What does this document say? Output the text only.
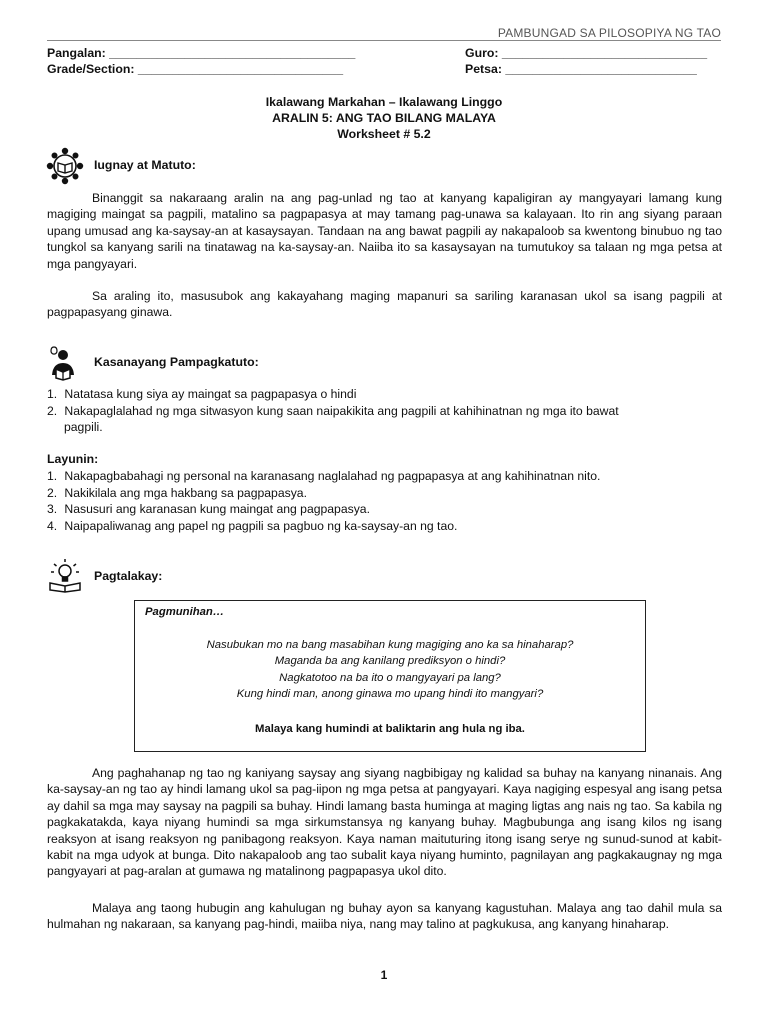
PAMBUNGAD SA PILOSOPIYA NG TAO
Pangalan: ____________________________________	Guro: ______________________________
Grade/Section: ______________________________	Petsa: ____________________________
Ikalawang Markahan – Ikalawang Linggo
ARALIN 5: ANG TAO BILANG MALAYA
Worksheet # 5.2
Iugnay at Matuto:
Binanggit sa nakaraang aralin na ang pag-unlad ng tao at kanyang kapaligiran ay mangyayari lamang kung magiging maingat sa pagpili, matalino sa pagpapasya at may tamang pag-unawa sa kalayaan. Ito rin ang siyang paraan upang umusad ang ka-saysay-an at kasaysayan. Tandaan na ang bawat pagpili ay nakapaloob sa kwentong binubuo ng tao tungkol sa kanyang sarili na tinatawag na ka-saysay-an. Naiiba ito sa kasaysayan na tumutukoy sa talaan ng mga petsa at mga pangyayari.
Sa araling ito, masusubok ang kakayahang maging mapanuri sa sariling karanasan ukol sa isang pagpili at pagpapasyang ginawa.
Kasanayang Pampagkatuto:
1. Natatasa kung siya ay maingat sa pagpapasya o hindi
2. Nakapaglalahad ng mga sitwasyon kung saan naipakikita ang pagpili at kahihinatnan ng mga ito bawat
pagpili.
Layunin:
1. Nakapagbabahagi ng personal na karanasang naglalahad ng pagpapasya at ang kahihinatnan nito.
2. Nakikilala ang mga hakbang sa pagpapasya.
3. Nasusuri ang karanasan kung maingat ang pagpapasya.
4. Naipapaliwanag ang papel ng pagpili sa pagbuo ng ka-saysay-an ng tao.
Pagtalakay:
Pagmunihan…
Nasubukan mo na bang masabihan kung magiging ano ka sa hinaharap?
Maganda ba ang kanilang prediksyon o hindi?
Nagkatotoo na ba ito o mangyayari pa lang?
Kung hindi man, anong ginawa mo upang hindi ito mangyari?
Malaya kang humindi at baliktarin ang hula ng iba.
Ang paghahanap ng tao ng kaniyang saysay ang siyang nagbibigay ng kalidad sa buhay na kanyang ninanais. Ang ka-saysay-an ng tao ay hindi lamang ukol sa pag-iipon ng mga petsa at pangyayari. Kaya nagiging espesyal ang isang petsa ay dahil sa mga may saysay na pagpili sa buhay. Hindi lamang basta huminga at maging ligtas ang nais ng tao. Sa kabila ng pagkakatakda, kaya niyang humindi sa mga sirkumstansya ng kanyang buhay. Magbubunga ang isang kilos ng isang reaksyon at isang reaksyon ng panibagong reaksyon. Kaya naman maituturing itong isang serye ng sunud-sunod at kabit-kabit na mga udyok at bunga. Dito nakapaloob ang tao subalit kaya niyang huminto, pagnilayan ang pagkakaugnay ng mga pangyayari at pag-aralan at gumawa ng matalinong pagpapasya ukol dito.
Malaya ang taong hubugin ang kahulugan ng buhay ayon sa kanyang kagustuhan. Malaya ang tao dahil mula sa hulmahan ng nakaraan, sa kanyang pag-hindi, maiiba niya, nang may talino at pagkukusa, ang kanyang hinaharap.
1
